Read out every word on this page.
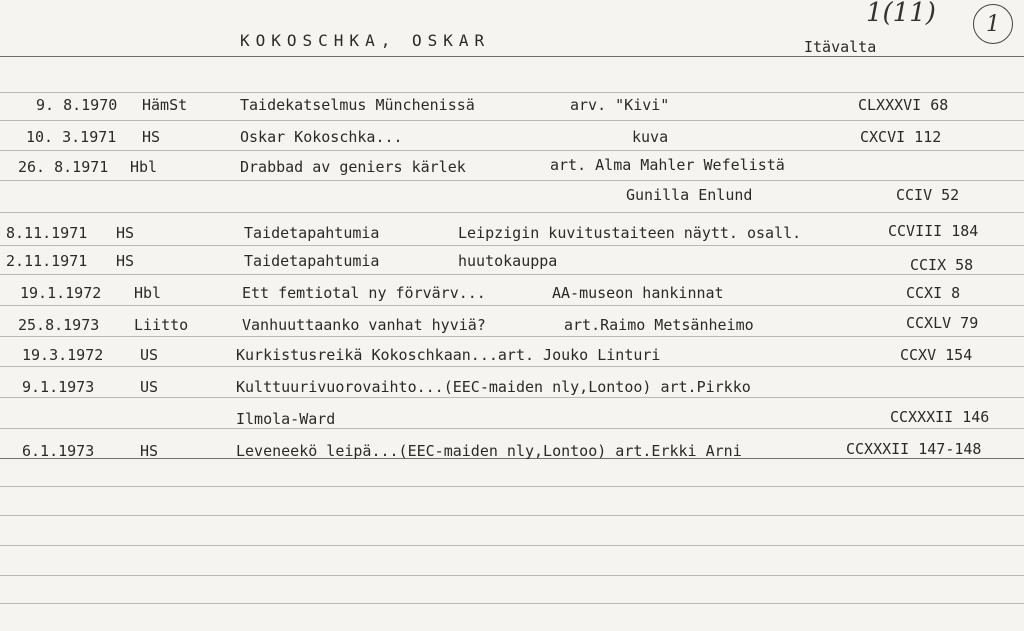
KOKOSCHKA, OSKAR	Itävalta
1(11)	1
9. 8.1970 HämSt	Taidekatselmus Münchenissä	arv. "Kivi"	CLXXXVI 68
10. 3.1971 HS	Oskar Kokoschka...	kuva	CXCVI 112
26. 8.1971 Hbl	Drabbad av geniers kärlek	art. Alma Mahler Wefelistä
Gunilla Enlund	CCIV 52
8.11.1971 HS	Taidetapahtumia	Leipzigin kuvitustaiteen näytt. osall.	CCVIII 184
2.11.1971 HS	Taidetapahtumia	huutokauppa	CCIX 58
19.1.1972 Hbl	Ett femtiotal ny förvärv...	AA-museon hankinnat	CCXI 8
25.8.1973 Liitto	Vanhuuttaanko vanhat hyviä?	art.Raimo Metsänheimo	CCXLV 79
19.3.1972 US	Kurkistusreikä Kokoschkaan...art. Jouko Linturi	CCXV 154
9.1.1973	US	Kulttuurivuorovaihto...(EEC-maiden nly,Lontoo) art.Pirkko
Ilmola-Ward	CCXXXII 146
6.1.1973	HS	Leveneekö leipä...(EEC-maiden nly,Lontoo) art.Erkki Arni	CCXXXII 147-148
